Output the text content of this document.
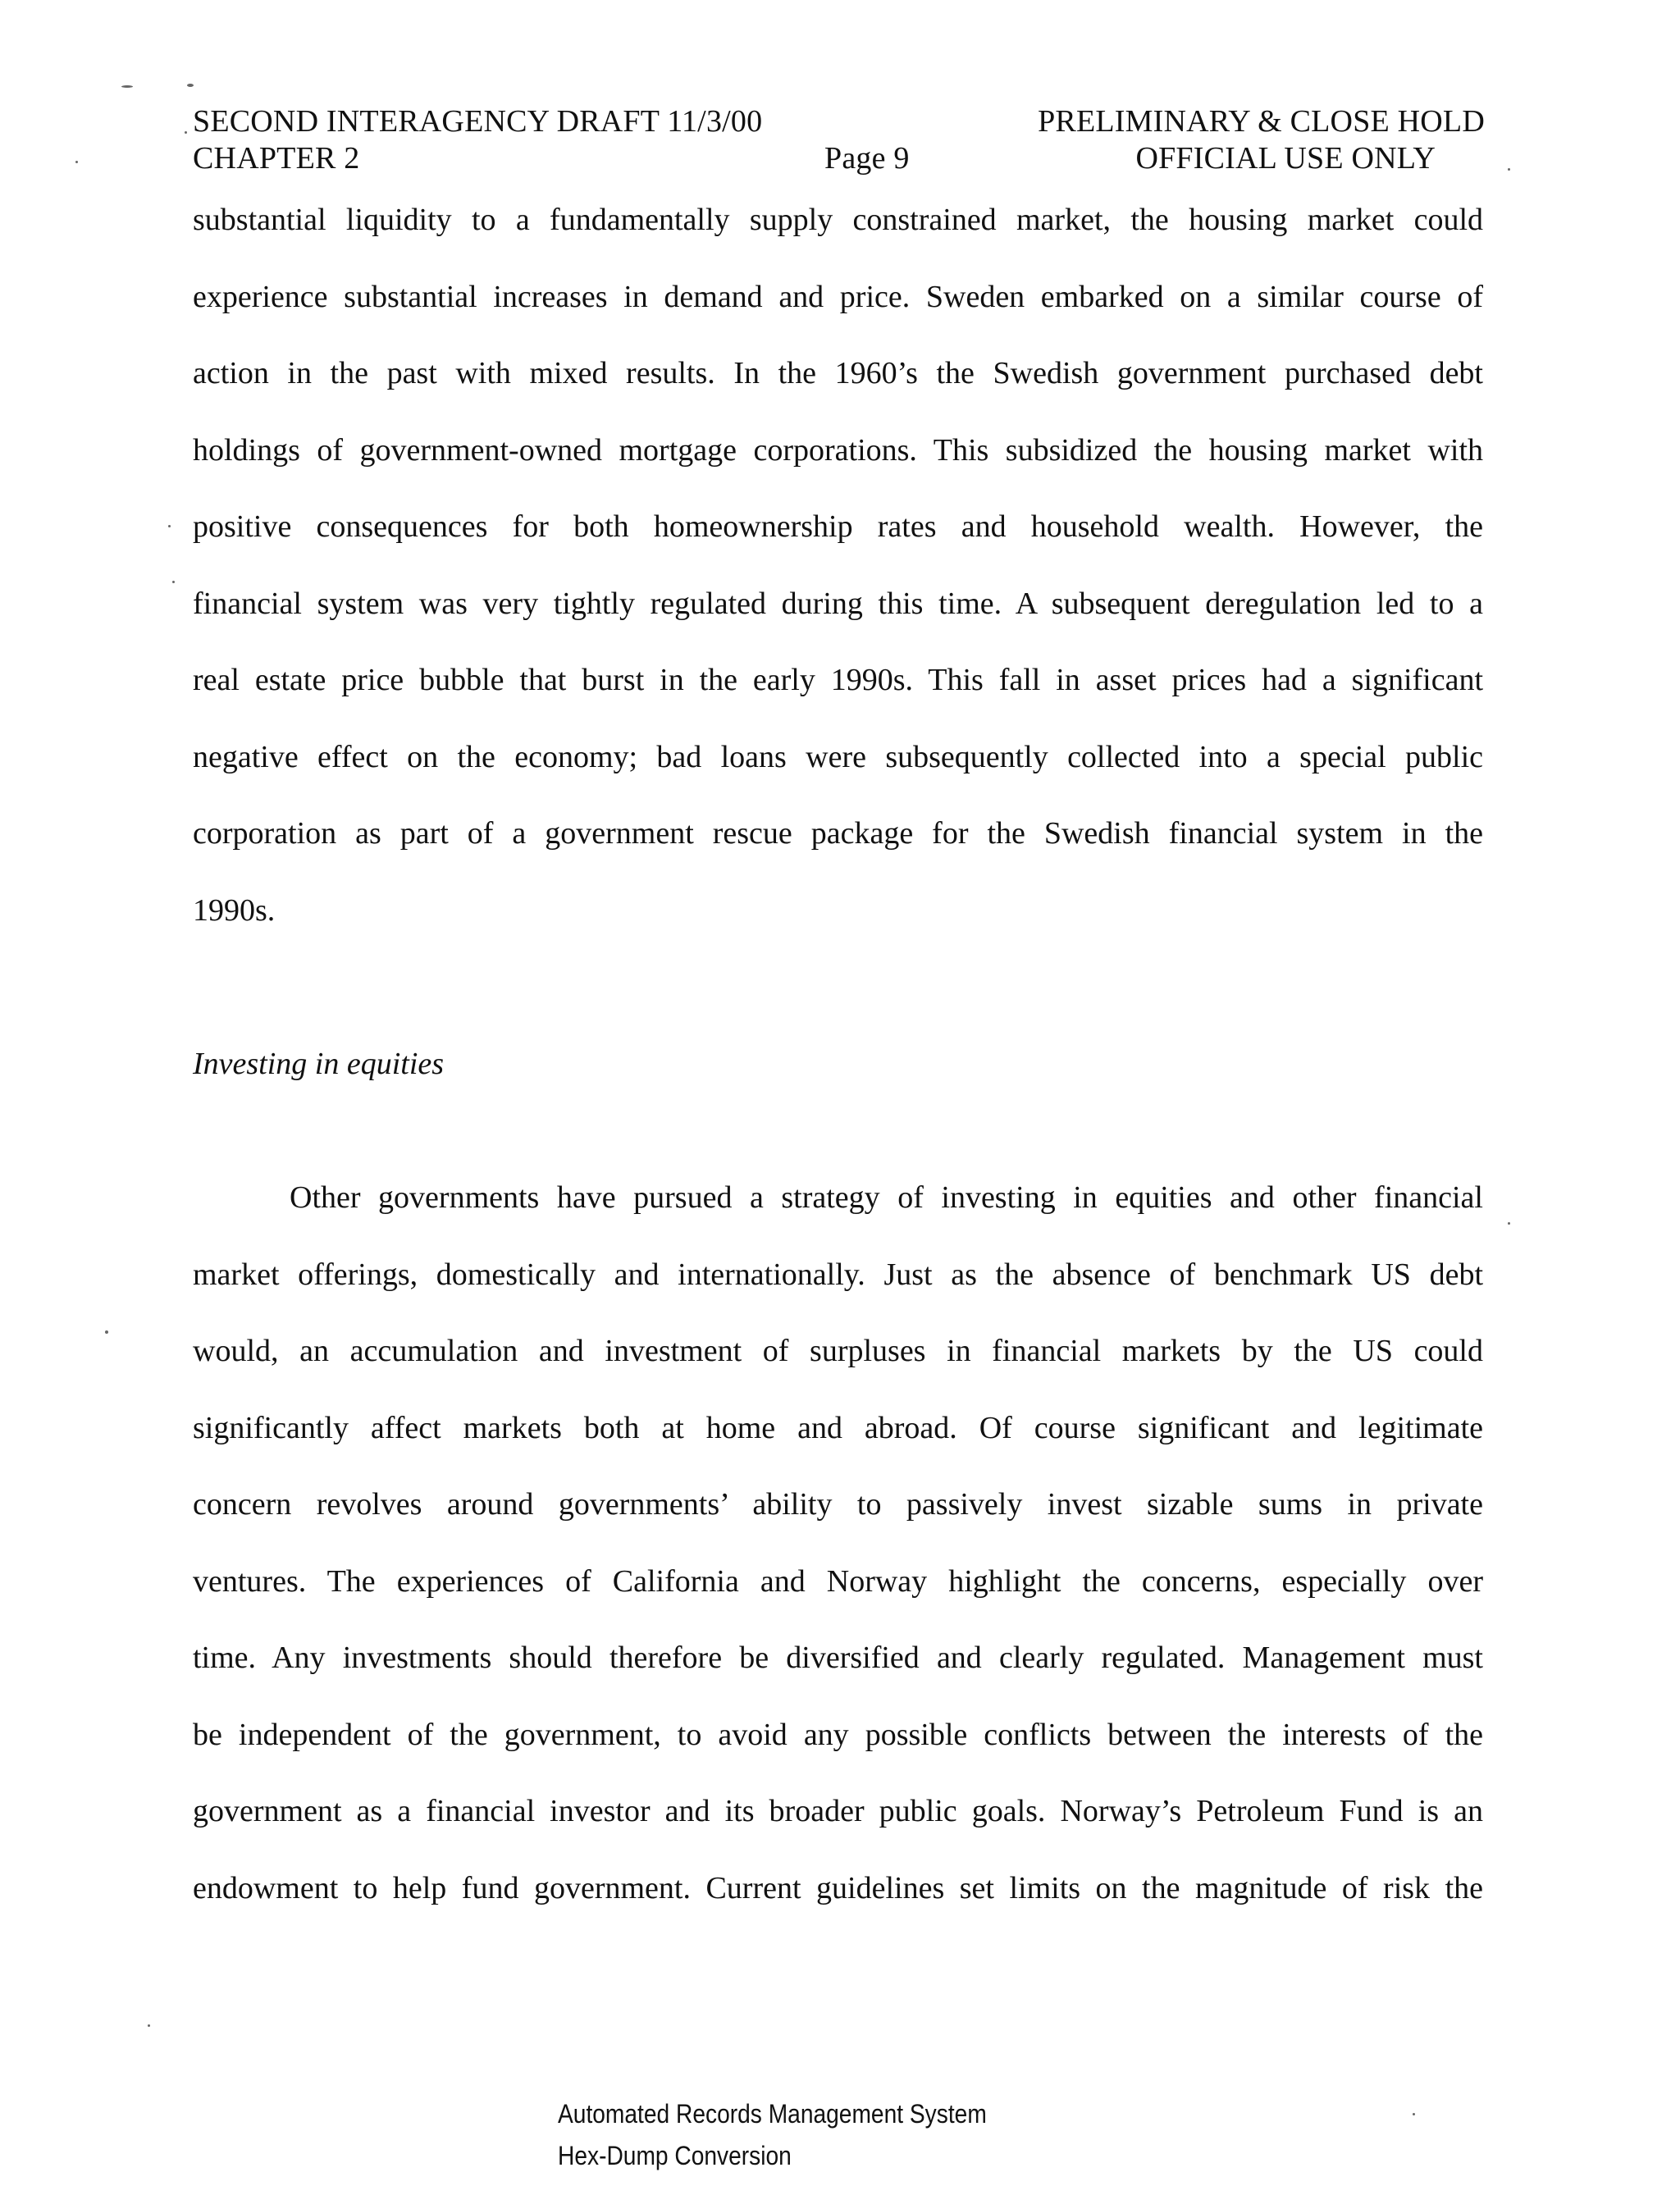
SECOND INTERAGENCY DRAFT 11/3/00	PRELIMINARY & CLOSE HOLD
CHAPTER 2	Page 9	OFFICIAL USE ONLY
substantial liquidity to a fundamentally supply constrained market, the housing market could
experience substantial increases in demand and price. Sweden embarked on a similar course of
action in the past with mixed results. In the 1960’s the Swedish government purchased debt
holdings of government-owned mortgage corporations. This subsidized the housing market with
positive consequences for both homeownership rates and household wealth. However, the
financial system was very tightly regulated during this time. A subsequent deregulation led to a
real estate price bubble that burst in the early 1990s. This fall in asset prices had a significant
negative effect on the economy; bad loans were subsequently collected into a special public
corporation as part of a government rescue package for the Swedish financial system in the
1990s.
Investing in equities
Other governments have pursued a strategy of investing in equities and other financial
market offerings, domestically and internationally. Just as the absence of benchmark US debt
would, an accumulation and investment of surpluses in financial markets by the US could
significantly affect markets both at home and abroad. Of course significant and legitimate
concern revolves around governments’ ability to passively invest sizable sums in private
ventures. The experiences of California and Norway highlight the concerns, especially over
time. Any investments should therefore be diversified and clearly regulated. Management must
be independent of the government, to avoid any possible conflicts between the interests of the
government as a financial investor and its broader public goals. Norway’s Petroleum Fund is an
endowment to help fund government. Current guidelines set limits on the magnitude of risk the
Automated Records Management System
Hex-Dump Conversion
